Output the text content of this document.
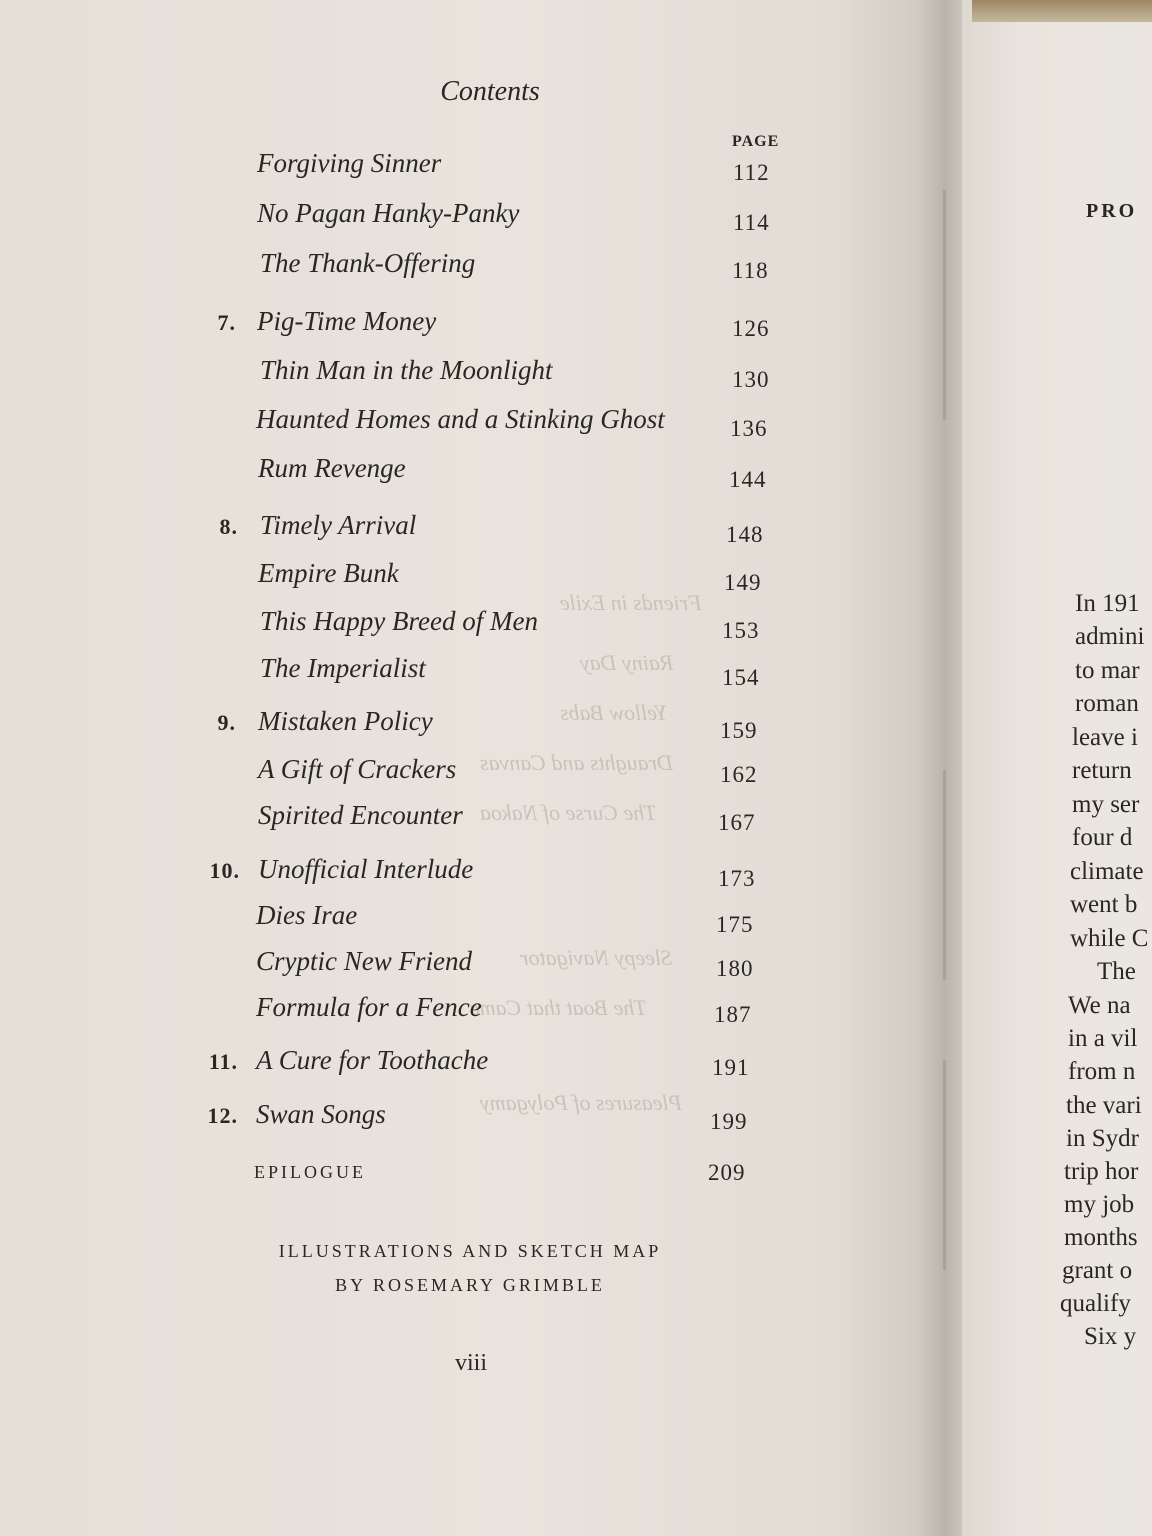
Friends in Exile
Rainy Day
Yellow Babs
Draughts and Canvas
The Curse of Nakoa
Sleepy Navigator
The Boat that Came
Pleasures of Polygamy
Contents
PAGE
Forgiving Sinner	112
No Pagan Hanky-Panky	114
The Thank-Offering	118
7. Pig-Time Money	126
Thin Man in the Moonlight	130
Haunted Homes and a Stinking Ghost	136
Rum Revenge	144
8. Timely Arrival	148
Empire Bunk	149
This Happy Breed of Men	153
The Imperialist	154
9. Mistaken Policy	159
A Gift of Crackers	162
Spirited Encounter	167
10. Unofficial Interlude	173
Dies Irae	175
Cryptic New Friend	180
Formula for a Fence	187
11. A Cure for Toothache	191
12. Swan Songs	199
EPILOGUE	209
ILLUSTRATIONS AND SKETCH MAP
BY ROSEMARY GRIMBLE
viii
PRO
In 191
admini
to mar
roman
leave i
return
my ser
four d
climate
went b
while C
The
We na
in a vil
from n
the vari
in Sydr
trip hor
my job
months
grant o
qualify
Six y
